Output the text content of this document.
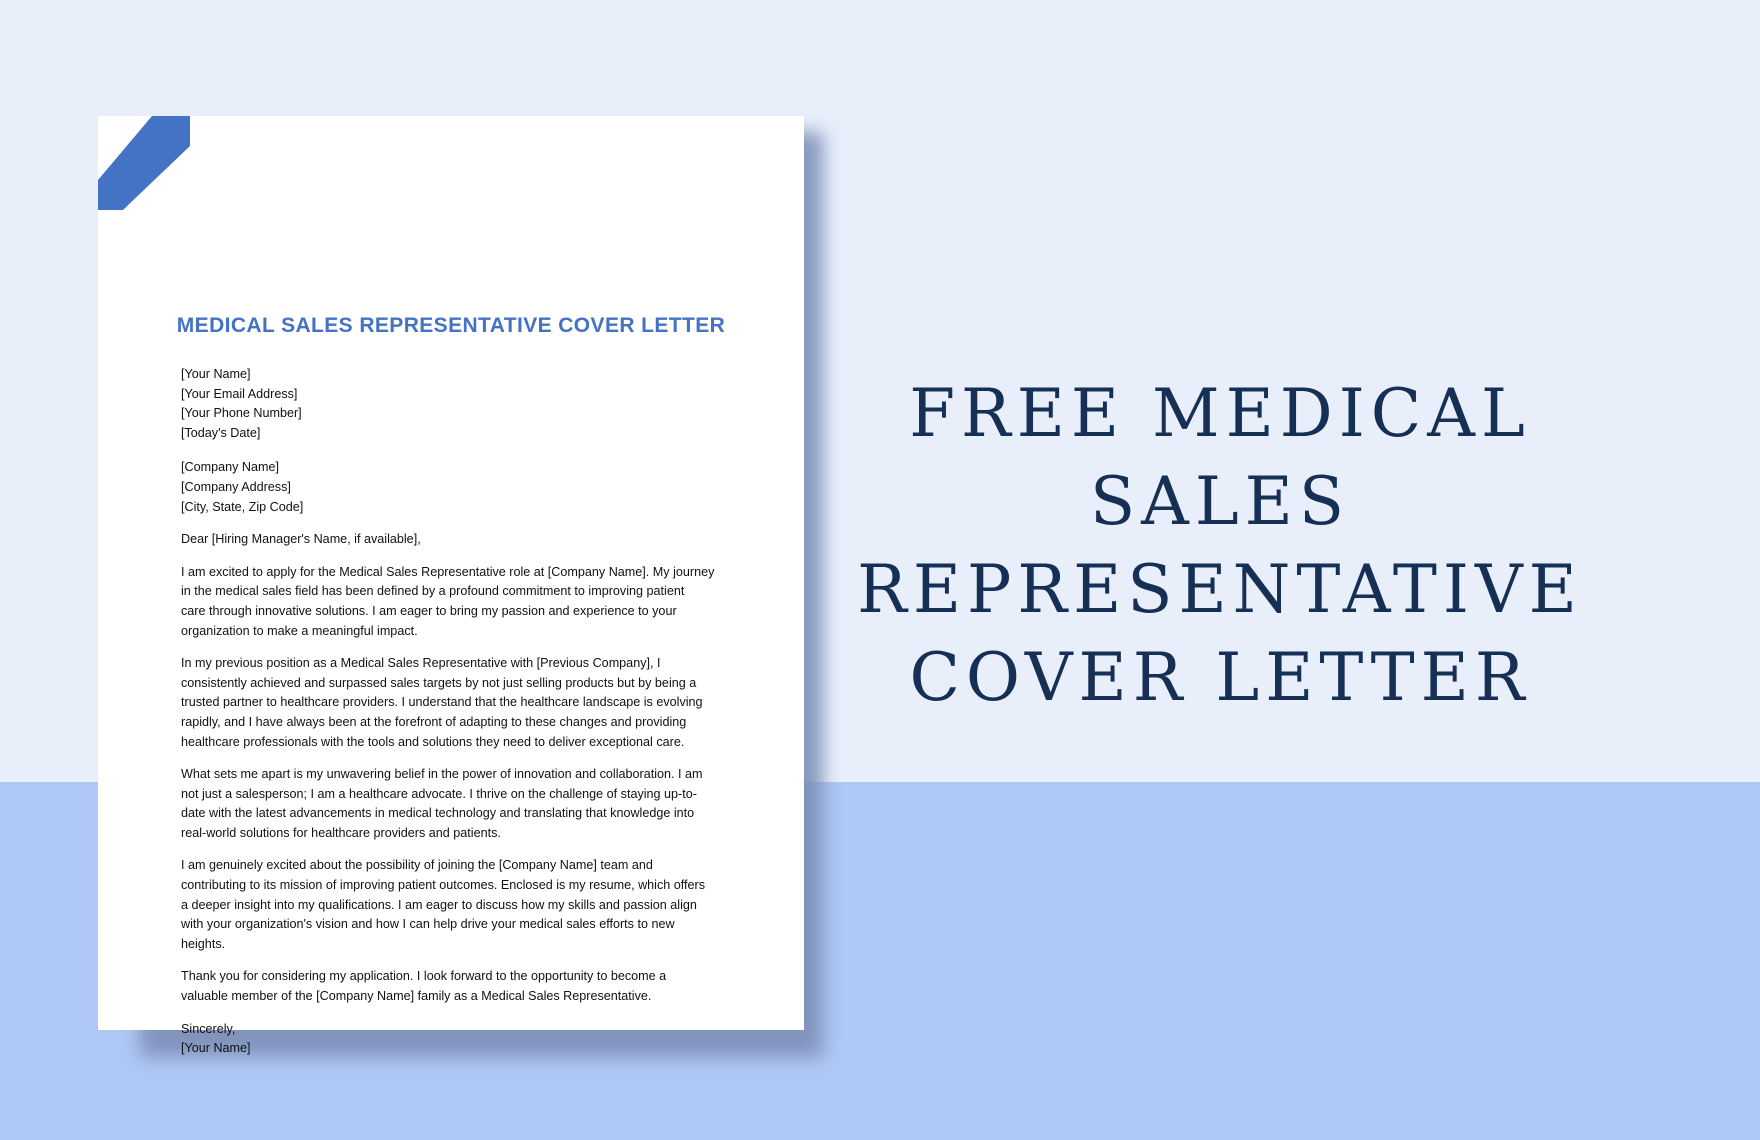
MEDICAL SALES REPRESENTATIVE COVER LETTER
[Your Name]
[Your Email Address]
[Your Phone Number]
[Today's Date]
[Company Name]
[Company Address]
[City, State, Zip Code]
Dear [Hiring Manager's Name, if available],
I am excited to apply for the Medical Sales Representative role at [Company Name]. My journey
in the medical sales field has been defined by a profound commitment to improving patient
care through innovative solutions. I am eager to bring my passion and experience to your
organization to make a meaningful impact.
In my previous position as a Medical Sales Representative with [Previous Company], I
consistently achieved and surpassed sales targets by not just selling products but by being a
trusted partner to healthcare providers. I understand that the healthcare landscape is evolving
rapidly, and I have always been at the forefront of adapting to these changes and providing
healthcare professionals with the tools and solutions they need to deliver exceptional care.
What sets me apart is my unwavering belief in the power of innovation and collaboration. I am
not just a salesperson; I am a healthcare advocate. I thrive on the challenge of staying up-to-
date with the latest advancements in medical technology and translating that knowledge into
real-world solutions for healthcare providers and patients.
I am genuinely excited about the possibility of joining the [Company Name] team and
contributing to its mission of improving patient outcomes. Enclosed is my resume, which offers
a deeper insight into my qualifications. I am eager to discuss how my skills and passion align
with your organization's vision and how I can help drive your medical sales efforts to new
heights.
Thank you for considering my application. I look forward to the opportunity to become a
valuable member of the [Company Name] family as a Medical Sales Representative.
Sincerely,
[Your Name]
FREE MEDICAL
SALES
REPRESENTATIVE
COVER LETTER
